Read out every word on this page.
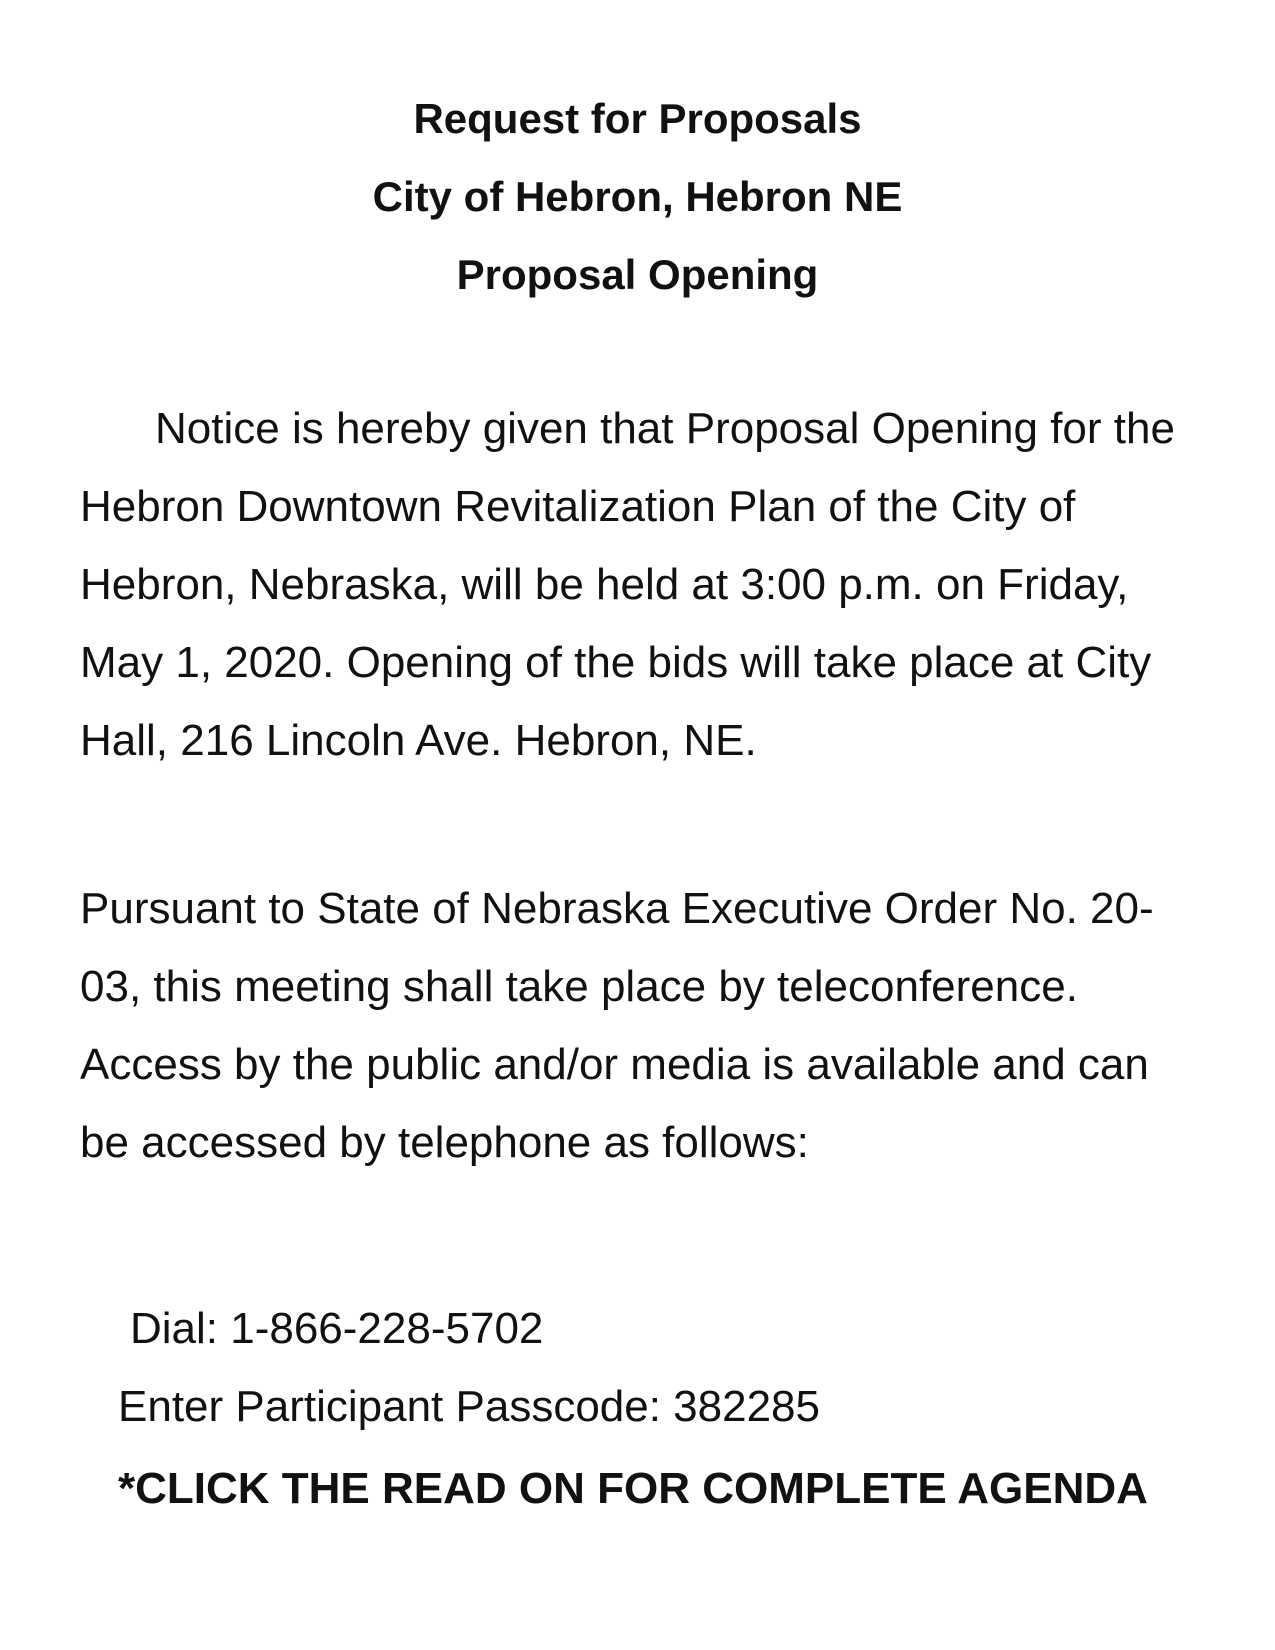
Request for Proposals

City of Hebron, Hebron NE

Proposal Opening

Notice is hereby given that Proposal Opening for the Hebron Downtown Revitalization Plan of the City of Hebron, Nebraska, will be held at 3:00 p.m. on Friday, May 1, 2020. Opening of the bids will take place at City Hall, 216 Lincoln Ave. Hebron, NE.
Pursuant to State of Nebraska Executive Order No. 20-03, this meeting shall take place by teleconference. Access by the public and/or media is available and can be accessed by telephone as follows:
Dial: 1-866-228-5702
Enter Participant Passcode: 382285
*CLICK THE READ ON FOR COMPLETE AGENDA
